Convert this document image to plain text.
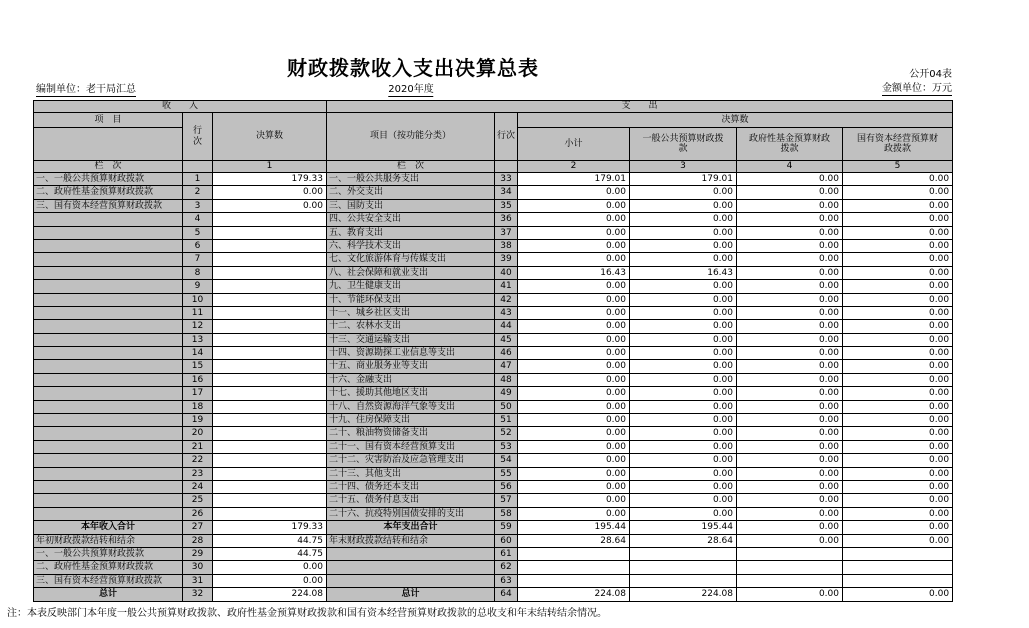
财政拨款收入支出决算总表	公开04表
金额单位：万元
编制单位：老干局汇总	2020年度
收　　入			支　　出					
项　目	行次	决算数	项目（按功能分类）	行次	决算数			
					小计	一般公共预算财政拨款	政府性基金预算财政拨款	国有资本经营预算财政拨款
栏　次		1	栏　次		2	3	4	5
一、一般公共预算财政拨款	1	179.33	一、一般公共服务支出	33	179.01	179.01	0.00	0.00
二、政府性基金预算财政拨款	2	0.00	二、外交支出	34	0.00	0.00	0.00	0.00
三、国有资本经营预算财政拨款	3	0.00	三、国防支出	35	0.00	0.00	0.00	0.00
	4		四、公共安全支出	36	0.00	0.00	0.00	0.00
	5		五、教育支出	37	0.00	0.00	0.00	0.00
	6		六、科学技术支出	38	0.00	0.00	0.00	0.00
	7		七、文化旅游体育与传媒支出	39	0.00	0.00	0.00	0.00
	8		八、社会保障和就业支出	40	16.43	16.43	0.00	0.00
	9		九、卫生健康支出	41	0.00	0.00	0.00	0.00
	10		十、节能环保支出	42	0.00	0.00	0.00	0.00
	11		十一、城乡社区支出	43	0.00	0.00	0.00	0.00
	12		十二、农林水支出	44	0.00	0.00	0.00	0.00
	13		十三、交通运输支出	45	0.00	0.00	0.00	0.00
	14		十四、资源勘探工业信息等支出	46	0.00	0.00	0.00	0.00
	15		十五、商业服务业等支出	47	0.00	0.00	0.00	0.00
	16		十六、金融支出	48	0.00	0.00	0.00	0.00
	17		十七、援助其他地区支出	49	0.00	0.00	0.00	0.00
	18		十八、自然资源海洋气象等支出	50	0.00	0.00	0.00	0.00
	19		十九、住房保障支出	51	0.00	0.00	0.00	0.00
	20		二十、粮油物资储备支出	52	0.00	0.00	0.00	0.00
	21		二十一、国有资本经营预算支出	53	0.00	0.00	0.00	0.00
	22		二十二、灾害防治及应急管理支出	54	0.00	0.00	0.00	0.00
	23		二十三、其他支出	55	0.00	0.00	0.00	0.00
	24		二十四、债务还本支出	56	0.00	0.00	0.00	0.00
	25		二十五、债务付息支出	57	0.00	0.00	0.00	0.00
	26		二十六、抗疫特别国债安排的支出	58	0.00	0.00	0.00	0.00
本年收入合计	27	179.33	本年支出合计	59	195.44	195.44	0.00	0.00
年初财政拨款结转和结余	28	44.75	年末财政拨款结转和结余	60	28.64	28.64	0.00	0.00
一、一般公共预算财政拨款	29	44.75		61				
二、政府性基金预算财政拨款	30	0.00		62				
三、国有资本经营预算财政拨款	31	0.00		63				
总计	32	224.08	总计	64	224.08	224.08	0.00	0.00
注：本表反映部门本年度一般公共预算财政拨款、政府性基金预算财政拨款和国有资本经营预算财政拨款的总收支和年末结转结余情况。
